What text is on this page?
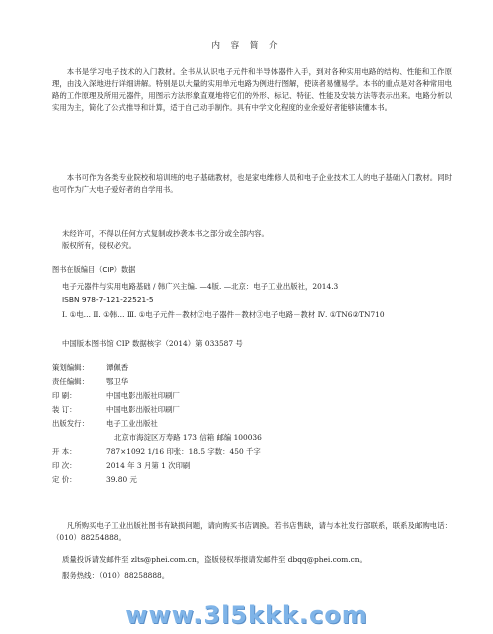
内 容 简 介
本书是学习电子技术的入门教材。全书从认识电子元件和半导体器件入手，到对各种实用电路的结构、性能和工作原理，由浅入深地进行详细讲解。特别是以大量的实用单元电路为例进行图解，使读者易懂易学。本书的重点是对各种常用电路的工作原理及所用元器件，用图示方法形象直观地将它们的外形、标记、特征、性能及安装方法等表示出来。电路分析以实用为主，简化了公式推导和计算，适于自己动手制作。具有中学文化程度的业余爱好者能够读懂本书。
本书可作为各类专业院校和培训班的电子基础教材，也是家电维修人员和电子企业技术工人的电子基础入门教材。同时也可作为广大电子爱好者的自学用书。
未经许可，不得以任何方式复制或抄袭本书之部分或全部内容。
版权所有，侵权必究。
图书在版编目（CIP）数据
电子元器件与实用电路基础 / 韩广兴主编. —4版. —北京：电子工业出版社，2014.3
ISBN 978-7-121-22521-5
Ⅰ. ①电… Ⅱ. ①韩… Ⅲ. ①电子元件－教材②电子器件－教材③电子电路－教材 Ⅳ. ①TN6②TN710
中国版本图书馆 CIP 数据核字（2014）第 033587 号
策划编辑： 谭佩香
责任编辑： 鄂卫华
印 刷：	中国电影出版社印刷厂
装 订：	中国电影出版社印刷厂
出版发行： 电子工业出版社
北京市海淀区万寿路 173 信箱 邮编 100036
开 本：	787×1092 1/16 印张：18.5 字数：450 千字
印 次：	2014 年 3 月第 1 次印刷
定 价：	39.80 元
凡所购买电子工业出版社图书有缺损问题，请向购买书店调换。若书店售缺，请与本社发行部联系，联系及邮购电话：（010）88254888。
质量投诉请发邮件至 zlts@phei.com.cn，盗版侵权举报请发邮件至 dbqq@phei.com.cn。
服务热线：（010）88258888。
www.3l5kkk.com
